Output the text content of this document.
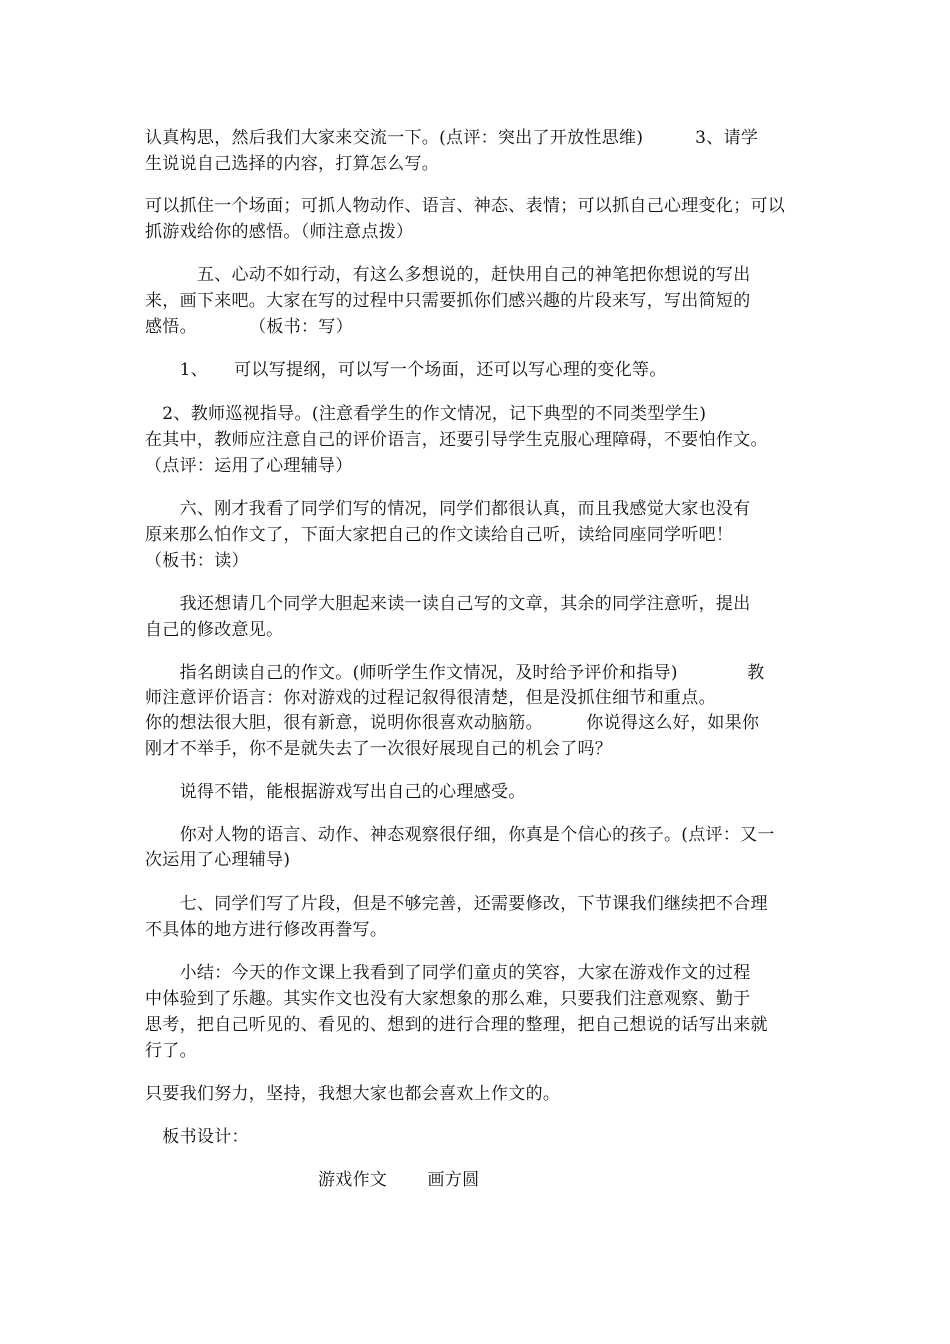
认真构思，然后我们大家来交流一下。(点评：突出了开放性思维)　　　3、请学
生说说自己选择的内容，打算怎么写。
可以抓住一个场面；可抓人物动作、语言、神态、表情；可以抓自己心理变化；可以
抓游戏给你的感悟。（师注意点拨）
　　　五、心动不如行动，有这么多想说的，赶快用自己的神笔把你想说的写出
来，画下来吧。大家在写的过程中只需要抓你们感兴趣的片段来写，写出简短的
感悟。　　　　（板书：写）
　　1、　　可以写提纲，可以写一个场面，还可以写心理的变化等。
　2、教师巡视指导。(注意看学生的作文情况，记下典型的不同类型学生)
在其中，教师应注意自己的评价语言，还要引导学生克服心理障碍，不要怕作文。
（点评：运用了心理辅导）
　　六、刚才我看了同学们写的情况，同学们都很认真，而且我感觉大家也没有
原来那么怕作文了，下面大家把自己的作文读给自己听，读给同座同学听吧！
（板书：读）
　　我还想请几个同学大胆起来读一读自己写的文章，其余的同学注意听，提出
自己的修改意见。
　　指名朗读自己的作文。(师听学生作文情况，及时给予评价和指导)　　　　教
师注意评价语言：你对游戏的过程记叙得很清楚，但是没抓住细节和重点。
你的想法很大胆，很有新意，说明你很喜欢动脑筋。　　　你说得这么好，如果你
刚才不举手，你不是就失去了一次很好展现自己的机会了吗？
　　说得不错，能根据游戏写出自己的心理感受。
　　你对人物的语言、动作、神态观察很仔细，你真是个信心的孩子。(点评：又一
次运用了心理辅导)
　　七、同学们写了片段，但是不够完善，还需要修改，下节课我们继续把不合理
不具体的地方进行修改再誊写。
　　小结：今天的作文课上我看到了同学们童贞的笑容，大家在游戏作文的过程
中体验到了乐趣。其实作文也没有大家想象的那么难，只要我们注意观察、勤于
思考，把自己听见的、看见的、想到的进行合理的整理，把自己想说的话写出来就
行了。
只要我们努力，坚持，我想大家也都会喜欢上作文的。
　板书设计：
　　　　　　　　　　游戏作文　　 画方圆
